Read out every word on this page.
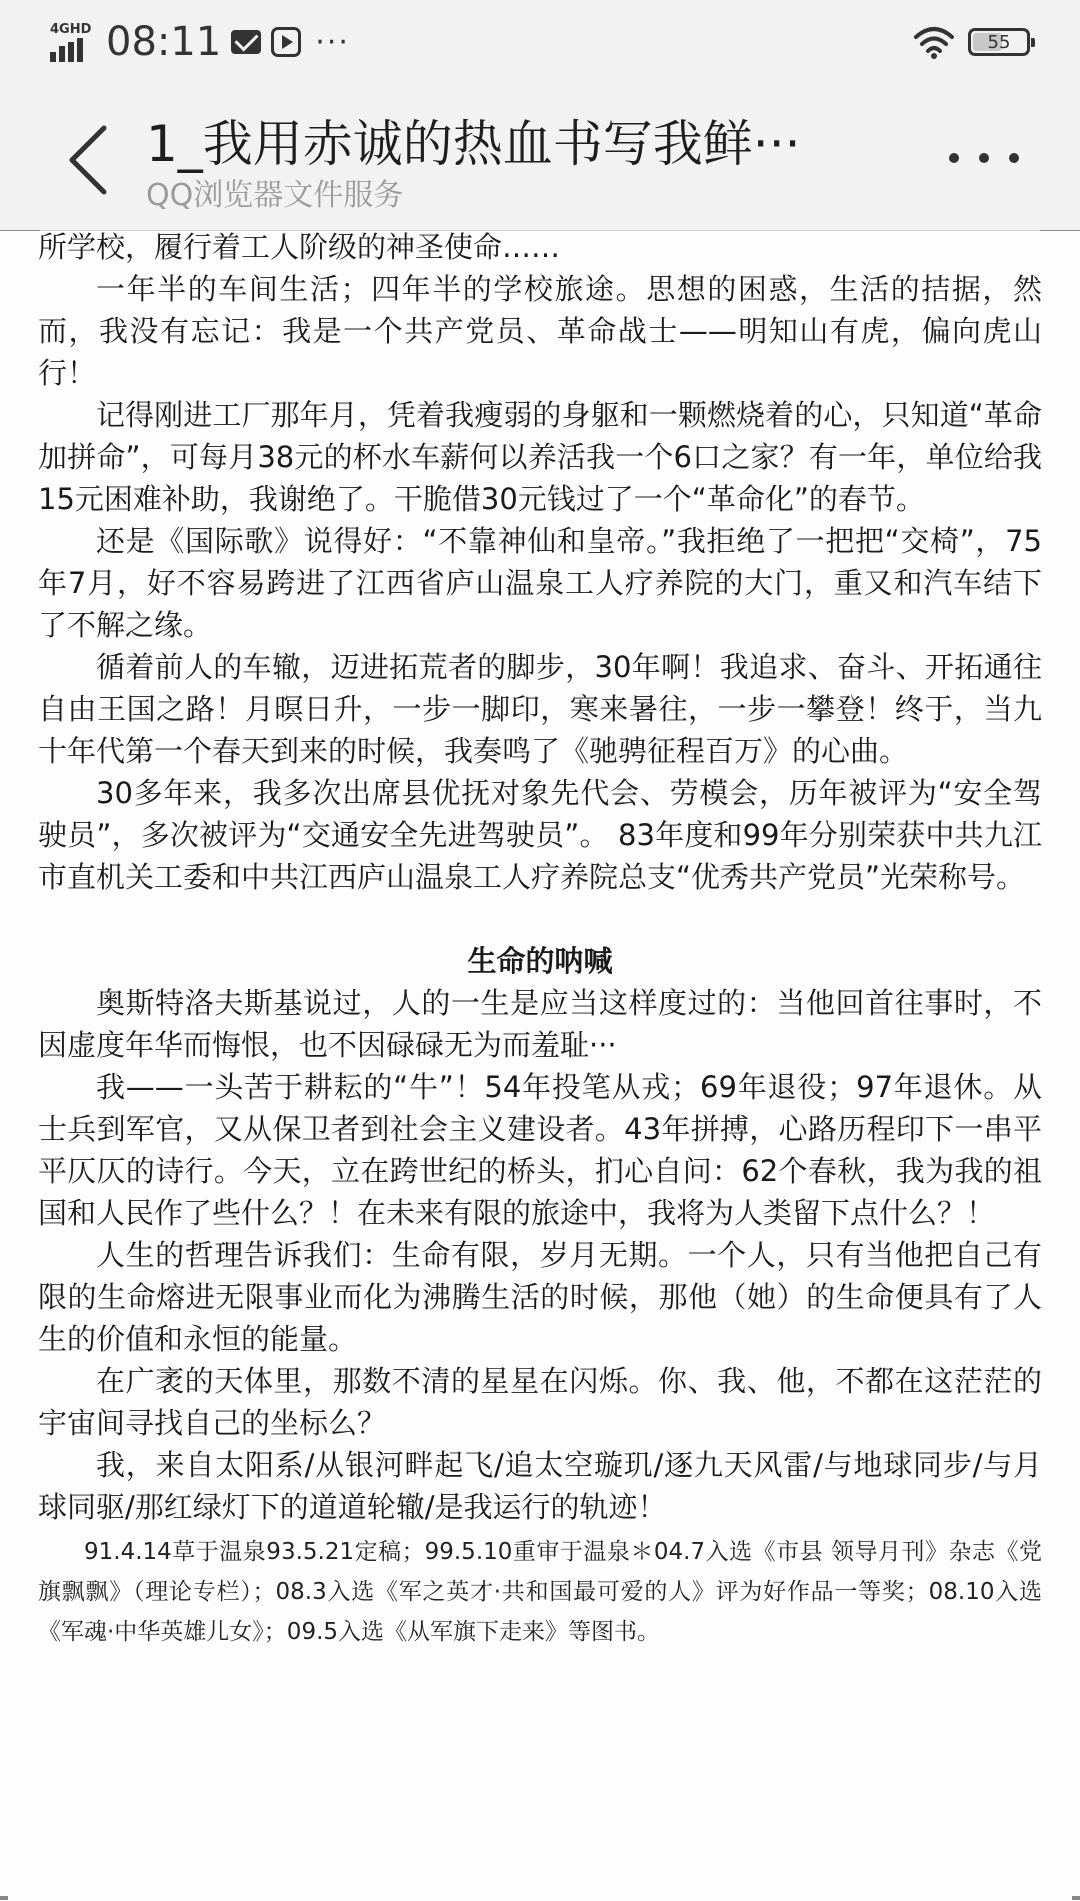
4GHD 08:11	···	55
1_我用赤诚的热血书写我鲜···
QQ浏览器文件服务

所学校，履行着工人阶级的神圣使命……

一年半的车间生活；四年半的学校旅途。思想的困惑，生活的拮据，然而，我没有忘记：我是一个共产党员、革命战士——明知山有虎，偏向虎山行！

记得刚进工厂那年月，凭着我瘦弱的身躯和一颗燃烧着的心，只知道“革命加拼命”，可每月38元的杯水车薪何以养活我一个6口之家？有一年，单位给我15元困难补助，我谢绝了。干脆借30元钱过了一个“革命化”的春节。

还是《国际歌》说得好：“不靠神仙和皇帝。”我拒绝了一把把“交椅”，75年7月，好不容易跨进了江西省庐山温泉工人疗养院的大门，重又和汽车结下了不解之缘。

循着前人的车辙，迈进拓荒者的脚步，30年啊！我追求、奋斗、开拓通往自由王国之路！月暝日升，一步一脚印，寒来暑往，一步一攀登！终于，当九十年代第一个春天到来的时候，我奏鸣了《驰骋征程百万》的心曲。

30多年来，我多次出席县优抚对象先代会、劳模会，历年被评为“安全驾驶员”，多次被评为“交通安全先进驾驶员”。 83年度和99年分别荣获中共九江市直机关工委和中共江西庐山温泉工人疗养院总支“优秀共产党员”光荣称号。

生命的呐喊

奥斯特洛夫斯基说过，人的一生是应当这样度过的：当他回首往事时，不因虚度年华而悔恨，也不因碌碌无为而羞耻···

我——一头苦于耕耘的“牛”！54年投笔从戎；69年退役；97年退休。从士兵到军官，又从保卫者到社会主义建设者。43年拼搏，心路历程印下一串平平仄仄的诗行。今天，立在跨世纪的桥头，扪心自问：62个春秋，我为我的祖国和人民作了些什么？！在未来有限的旅途中，我将为人类留下点什么？！

人生的哲理告诉我们：生命有限，岁月无期。一个人，只有当他把自己有限的生命熔进无限事业而化为沸腾生活的时候，那他（她）的生命便具有了人生的价值和永恒的能量。

在广袤的天体里，那数不清的星星在闪烁。你、我、他，不都在这茫茫的宇宙间寻找自己的坐标么？

我，来自太阳系/从银河畔起飞/追太空璇玑/逐九天风雷/与地球同步/与月球同驱/那红绿灯下的道道轮辙/是我运行的轨迹！

91.4.14草于温泉93.5.21定稿；99.5.10重审于温泉＊04.7入选《市县 领导月刊》杂志《党旗飘飘》（理论专栏）；08.3入选《军之英才·共和国最可爱的人》评为好作品一等奖；08.10入选《军魂·中华英雄儿女》；09.5入选《从军旗下走来》等图书。
